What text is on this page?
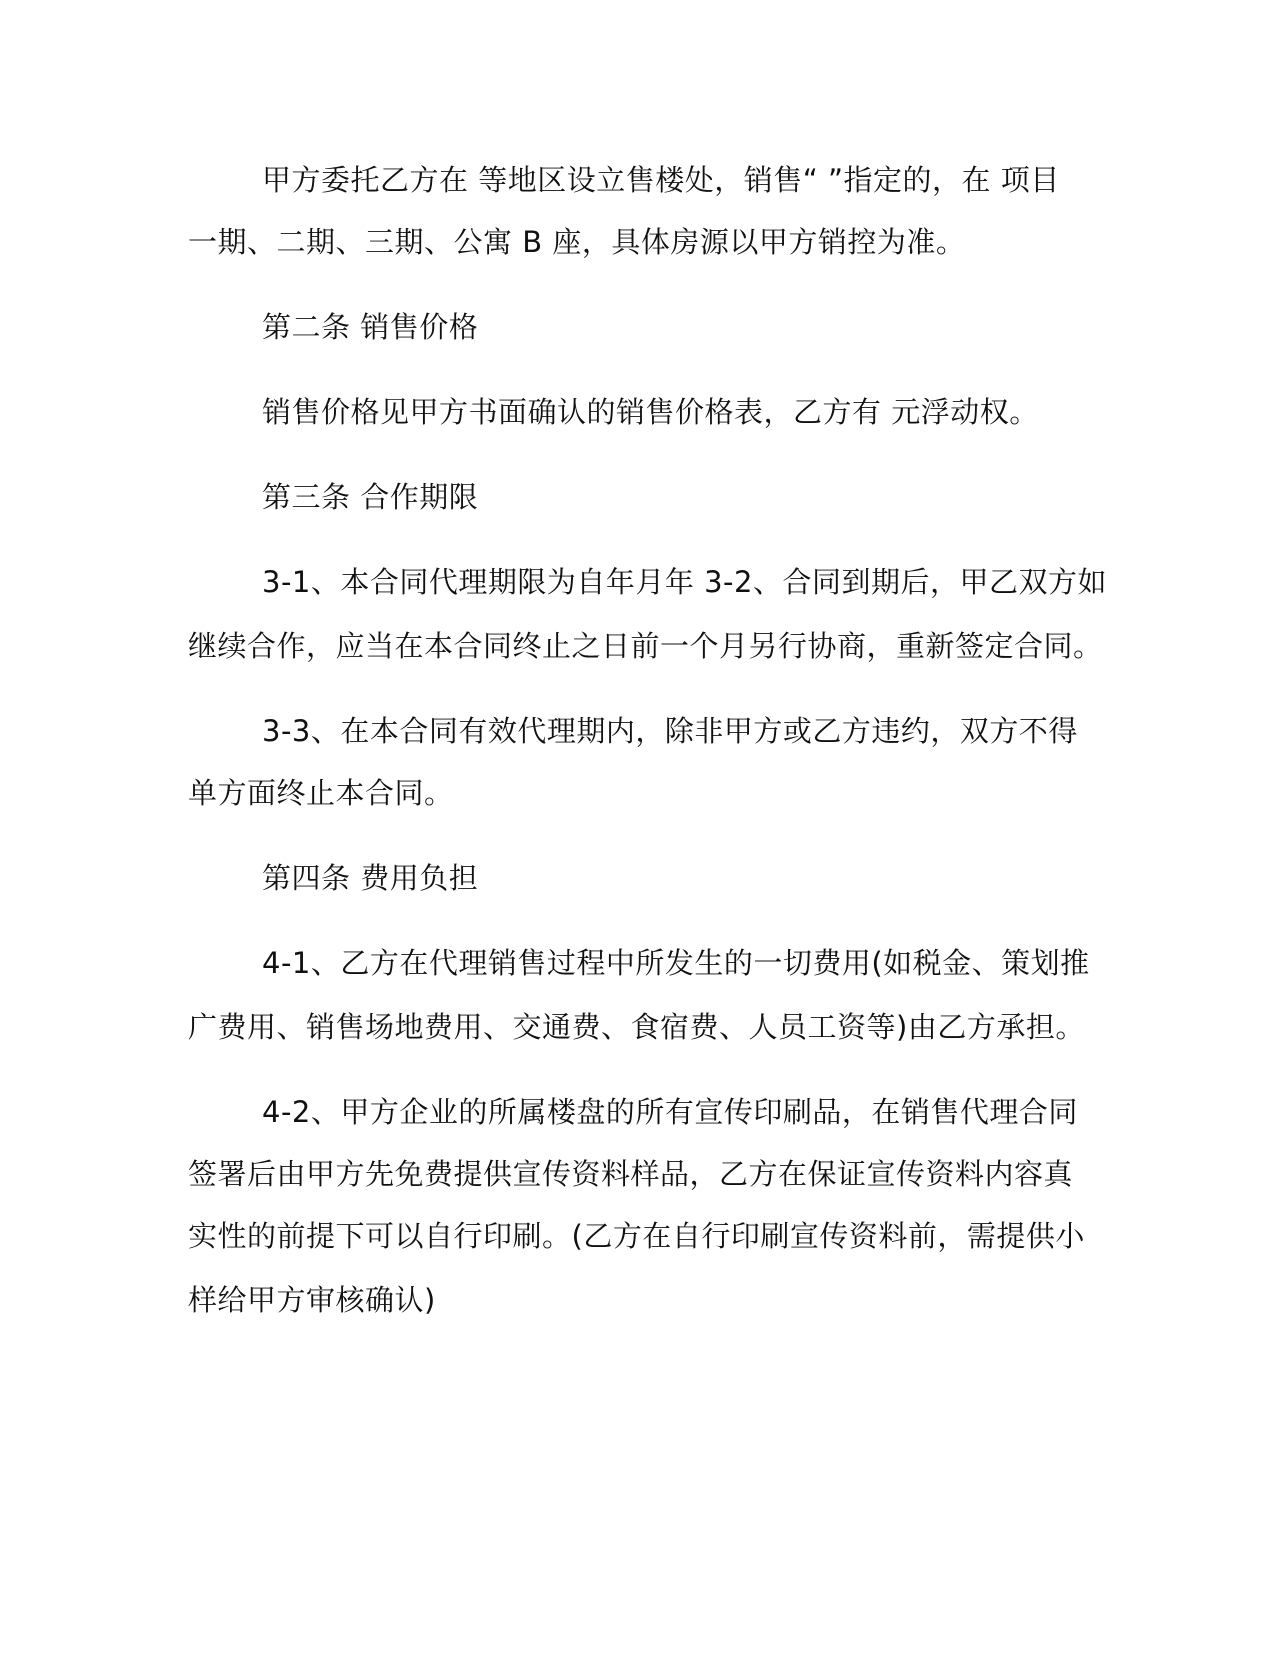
甲方委托乙方在 等地区设立售楼处，销售“ ”指定的，在 项目
一期、二期、三期、公寓 B 座，具体房源以甲方销控为准。
第二条 销售价格
销售价格见甲方书面确认的销售价格表，乙方有 元浮动权。
第三条 合作期限
3-1、本合同代理期限为自年月年 3-2、合同到期后，甲乙双方如
继续合作，应当在本合同终止之日前一个月另行协商，重新签定合同。
3-3、在本合同有效代理期内，除非甲方或乙方违约，双方不得
单方面终止本合同。
第四条 费用负担
4-1、乙方在代理销售过程中所发生的一切费用(如税金、策划推
广费用、销售场地费用、交通费、食宿费、人员工资等)由乙方承担。
4-2、甲方企业的所属楼盘的所有宣传印刷品，在销售代理合同
签署后由甲方先免费提供宣传资料样品，乙方在保证宣传资料内容真
实性的前提下可以自行印刷。(乙方在自行印刷宣传资料前，需提供小
样给甲方审核确认)
